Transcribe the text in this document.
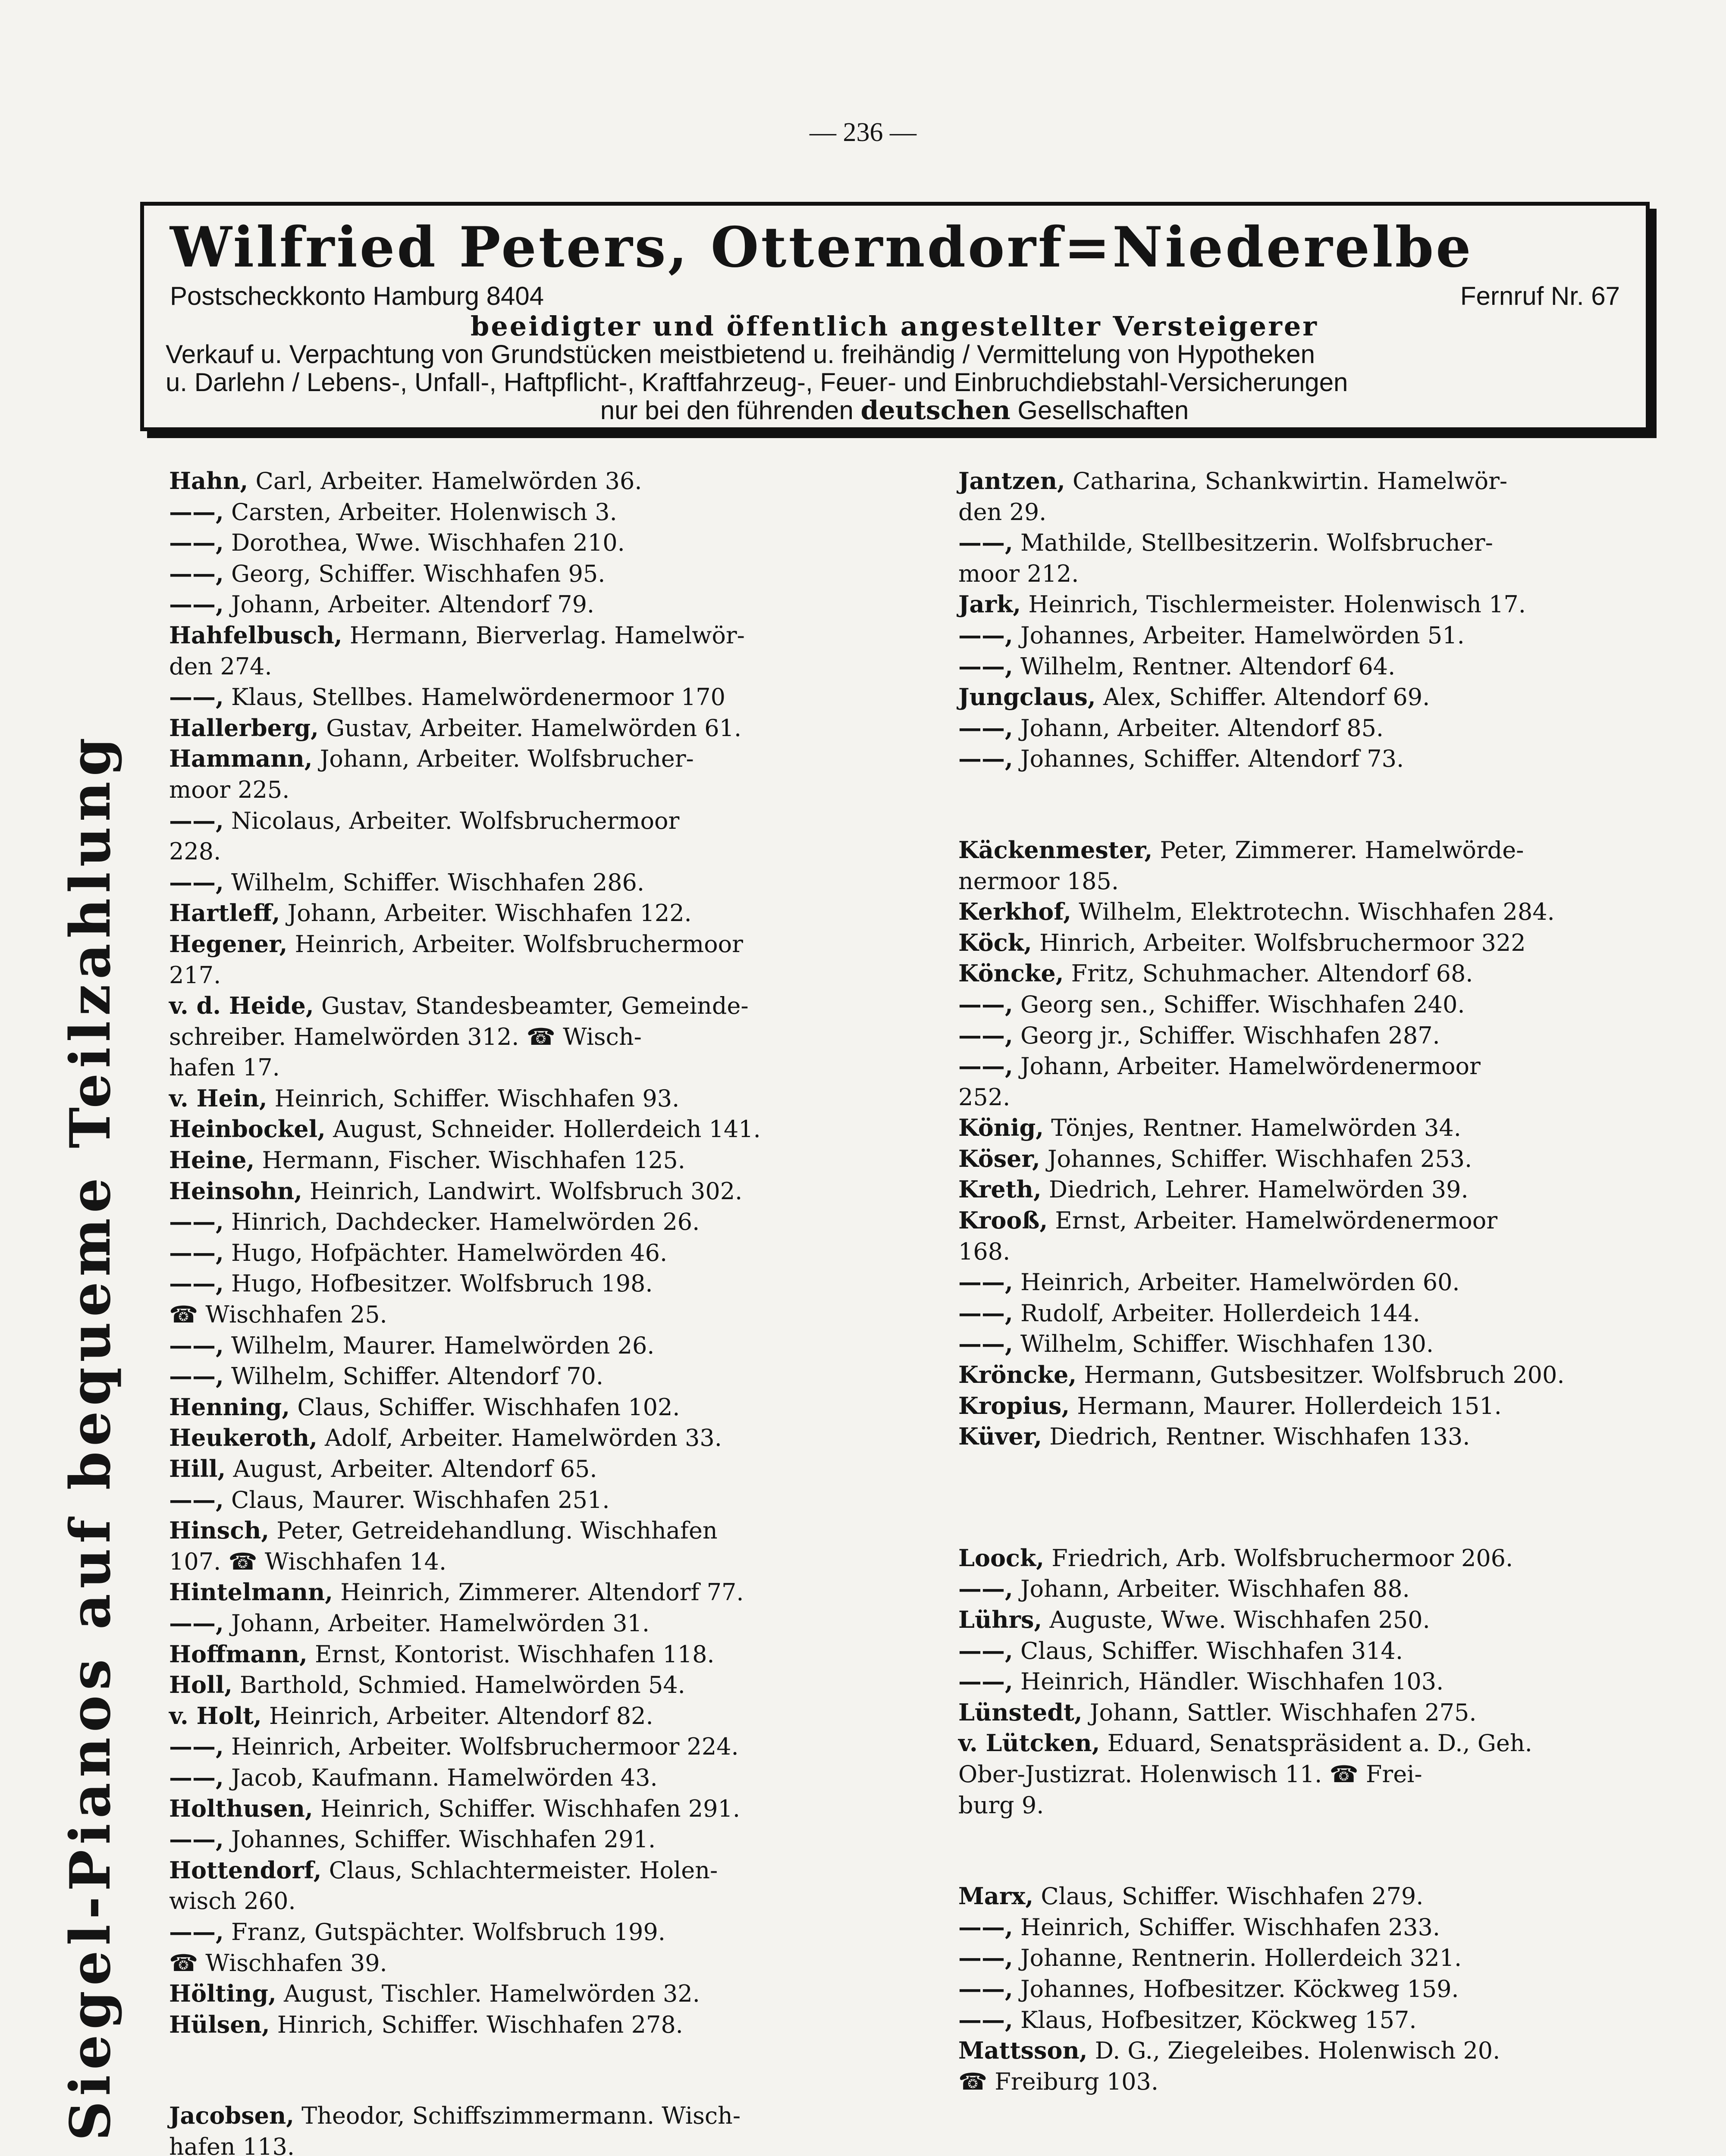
— 236 —
Wilfried Peters, Otterndorf=Niederelbe
Postscheckkonto Hamburg 8404	Fernruf Nr. 67
beeidigter und öffentlich angestellter Versteigerer
Verkauf u. Verpachtung von Grundstücken meistbietend u. freihändig / Vermittelung von Hypotheken
u. Darlehn / Lebens-, Unfall-, Haftpflicht-, Kraftfahrzeug-, Feuer- und Einbruchdiebstahl-Versicherungen
nur bei den führenden deutschen Gesellschaften
Siegel-Pianos auf bequeme Teilzahlung
Hahn, Carl, Arbeiter. Hamelwörden 36.
——, Carsten, Arbeiter. Holenwisch 3.
——, Dorothea, Wwe. Wischhafen 210.
——, Georg, Schiffer. Wischhafen 95.
——, Johann, Arbeiter. Altendorf 79.
Hahfelbusch, Hermann, Bierverlag. Hamelwör-
den 274.
——, Klaus, Stellbes. Hamelwördenermoor 170
Hallerberg, Gustav, Arbeiter. Hamelwörden 61.
Hammann, Johann, Arbeiter. Wolfsbrucher-
moor 225.
——, Nicolaus, Arbeiter. Wolfsbruchermoor
228.
——, Wilhelm, Schiffer. Wischhafen 286.
Hartleff, Johann, Arbeiter. Wischhafen 122.
Hegener, Heinrich, Arbeiter. Wolfsbruchermoor
217.
v. d. Heide, Gustav, Standesbeamter, Gemeinde-
schreiber. Hamelwörden 312. ☎ Wisch-
hafen 17.
v. Hein, Heinrich, Schiffer. Wischhafen 93.
Heinbockel, August, Schneider. Hollerdeich 141.
Heine, Hermann, Fischer. Wischhafen 125.
Heinsohn, Heinrich, Landwirt. Wolfsbruch 302.
——, Hinrich, Dachdecker. Hamelwörden 26.
——, Hugo, Hofpächter. Hamelwörden 46.
——, Hugo, Hofbesitzer. Wolfsbruch 198.
☎ Wischhafen 25.
——, Wilhelm, Maurer. Hamelwörden 26.
——, Wilhelm, Schiffer. Altendorf 70.
Henning, Claus, Schiffer. Wischhafen 102.
Heukeroth, Adolf, Arbeiter. Hamelwörden 33.
Hill, August, Arbeiter. Altendorf 65.
——, Claus, Maurer. Wischhafen 251.
Hinsch, Peter, Getreidehandlung. Wischhafen
107. ☎ Wischhafen 14.
Hintelmann, Heinrich, Zimmerer. Altendorf 77.
——, Johann, Arbeiter. Hamelwörden 31.
Hoffmann, Ernst, Kontorist. Wischhafen 118.
Holl, Barthold, Schmied. Hamelwörden 54.
v. Holt, Heinrich, Arbeiter. Altendorf 82.
——, Heinrich, Arbeiter. Wolfsbruchermoor 224.
——, Jacob, Kaufmann. Hamelwörden 43.
Holthusen, Heinrich, Schiffer. Wischhafen 291.
——, Johannes, Schiffer. Wischhafen 291.
Hottendorf, Claus, Schlachtermeister. Holen-
wisch 260.
——, Franz, Gutspächter. Wolfsbruch 199.
☎ Wischhafen 39.
Hölting, August, Tischler. Hamelwörden 32.
Hülsen, Hinrich, Schiffer. Wischhafen 278.
Jacobsen, Theodor, Schiffszimmermann. Wisch-
hafen 113.
Jantzen, Catharina, Schankwirtin. Hamelwör-
den 29.
——, Mathilde, Stellbesitzerin. Wolfsbrucher-
moor 212.
Jark, Heinrich, Tischlermeister. Holenwisch 17.
——, Johannes, Arbeiter. Hamelwörden 51.
——, Wilhelm, Rentner. Altendorf 64.
Jungclaus, Alex, Schiffer. Altendorf 69.
——, Johann, Arbeiter. Altendorf 85.
——, Johannes, Schiffer. Altendorf 73.
Käckenmester, Peter, Zimmerer. Hamelwörde-
nermoor 185.
Kerkhof, Wilhelm, Elektrotechn. Wischhafen 284.
Köck, Hinrich, Arbeiter. Wolfsbruchermoor 322
Köncke, Fritz, Schuhmacher. Altendorf 68.
——, Georg sen., Schiffer. Wischhafen 240.
——, Georg jr., Schiffer. Wischhafen 287.
——, Johann, Arbeiter. Hamelwördenermoor
252.
König, Tönjes, Rentner. Hamelwörden 34.
Köser, Johannes, Schiffer. Wischhafen 253.
Kreth, Diedrich, Lehrer. Hamelwörden 39.
Krooß, Ernst, Arbeiter. Hamelwördenermoor
168.
——, Heinrich, Arbeiter. Hamelwörden 60.
——, Rudolf, Arbeiter. Hollerdeich 144.
——, Wilhelm, Schiffer. Wischhafen 130.
Kröncke, Hermann, Gutsbesitzer. Wolfsbruch 200.
Kropius, Hermann, Maurer. Hollerdeich 151.
Küver, Diedrich, Rentner. Wischhafen 133.
Loock, Friedrich, Arb. Wolfsbruchermoor 206.
——, Johann, Arbeiter. Wischhafen 88.
Lührs, Auguste, Wwe. Wischhafen 250.
——, Claus, Schiffer. Wischhafen 314.
——, Heinrich, Händler. Wischhafen 103.
Lünstedt, Johann, Sattler. Wischhafen 275.
v. Lütcken, Eduard, Senatspräsident a. D., Geh.
Ober-Justizrat. Holenwisch 11. ☎ Frei-
burg 9.
Marx, Claus, Schiffer. Wischhafen 279.
——, Heinrich, Schiffer. Wischhafen 233.
——, Johanne, Rentnerin. Hollerdeich 321.
——, Johannes, Hofbesitzer. Köckweg 159.
——, Klaus, Hofbesitzer, Köckweg 157.
Mattsson, D. G., Ziegeleibes. Holenwisch 20.
☎ Freiburg 103.
